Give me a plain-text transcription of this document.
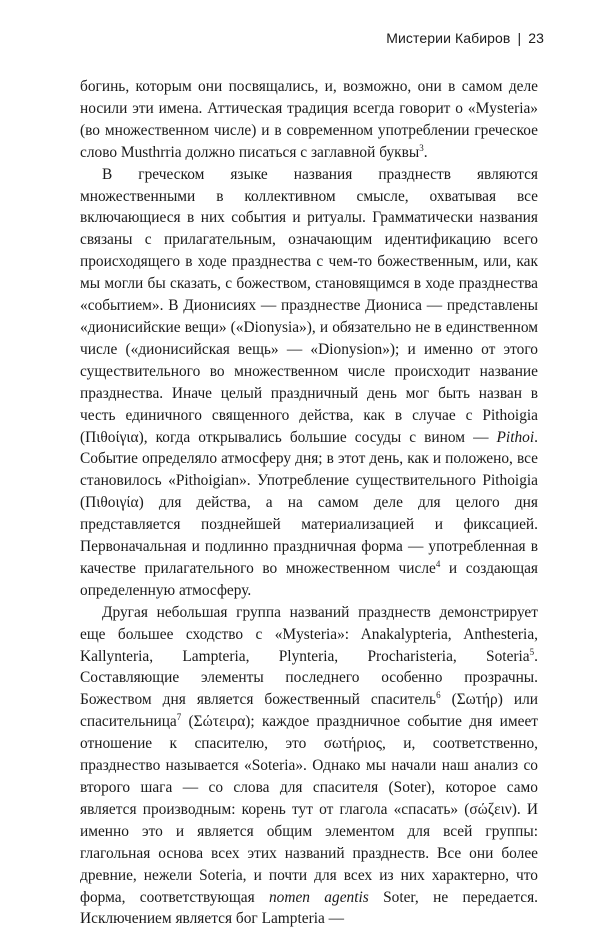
Мистерии Кабиров | 23

богинь, которым они посвящались, и, возможно, они в самом деле носили эти имена. Аттическая традиция всегда говорит о «Mysteria» (во множественном числе) и в современном употреблении греческое слово Musthrria должно писаться с заглавной буквы$^3$.

В греческом языке названия празднеств являются множественными в коллективном смысле, охватывая все включающиеся в них события и ритуалы. Грамматически названия связаны с прилагательным, означающим идентификацию всего происходящего в ходе празднества с чем-то божественным, или, как мы могли бы сказать, с божеством, становящимся в ходе празднества «событием». В Дионисиях — празднестве Диониса — представлены «дионисийские вещи» («Dionysia»), и обязательно не в единственном числе («дионисийская вещь» — «Dionysion»); и именно от этого существительного во множественном числе происходит название празднества. Иначе целый праздничный день мог быть назван в честь единичного священного действа, как в случае с Pithoigia (Πιθοίγια), когда открывались большие сосуды с вином — Pithoi. Событие определяло атмосферу дня; в этот день, как и положено, все становилось «Pithoigian». Употребление существительного Pithoigia (Πιθοιγία) для действа, а на самом деле для целого дня представляется позднейшей материализацией и фиксацией. Первоначальная и подлинно праздничная форма — употребленная в качестве прилагательного во множественном числе$^4$ и создающая определенную атмосферу.

Другая небольшая группа названий празднеств демонстрирует еще большее сходство с «Mysteria»: Anakalypteria, Anthesteria, Kallynteria, Lampteria, Plynteria, Procharisteria, Soteria$^5$. Составляющие элементы последнего особенно прозрачны. Божеством дня является божественный спаситель$^6$ (Σωτήρ) или спасительница$^7$ (Σώτειρα); каждое праздничное событие дня имеет отношение к спасителю, это σωτήριος, и, соответственно, празднество называется «Soteria». Однако мы начали наш анализ со второго шага — со слова для спасителя (Soter), которое само является производным: корень тут от глагола «спасать» (σώζειν). И именно это и является общим элементом для всей группы: глагольная основа всех этих названий празднеств. Все они более древние, нежели Soteria, и почти для всех из них характерно, что форма, соответствующая nomen agentis Soter, не передается. Исключением является бог Lampteria —
